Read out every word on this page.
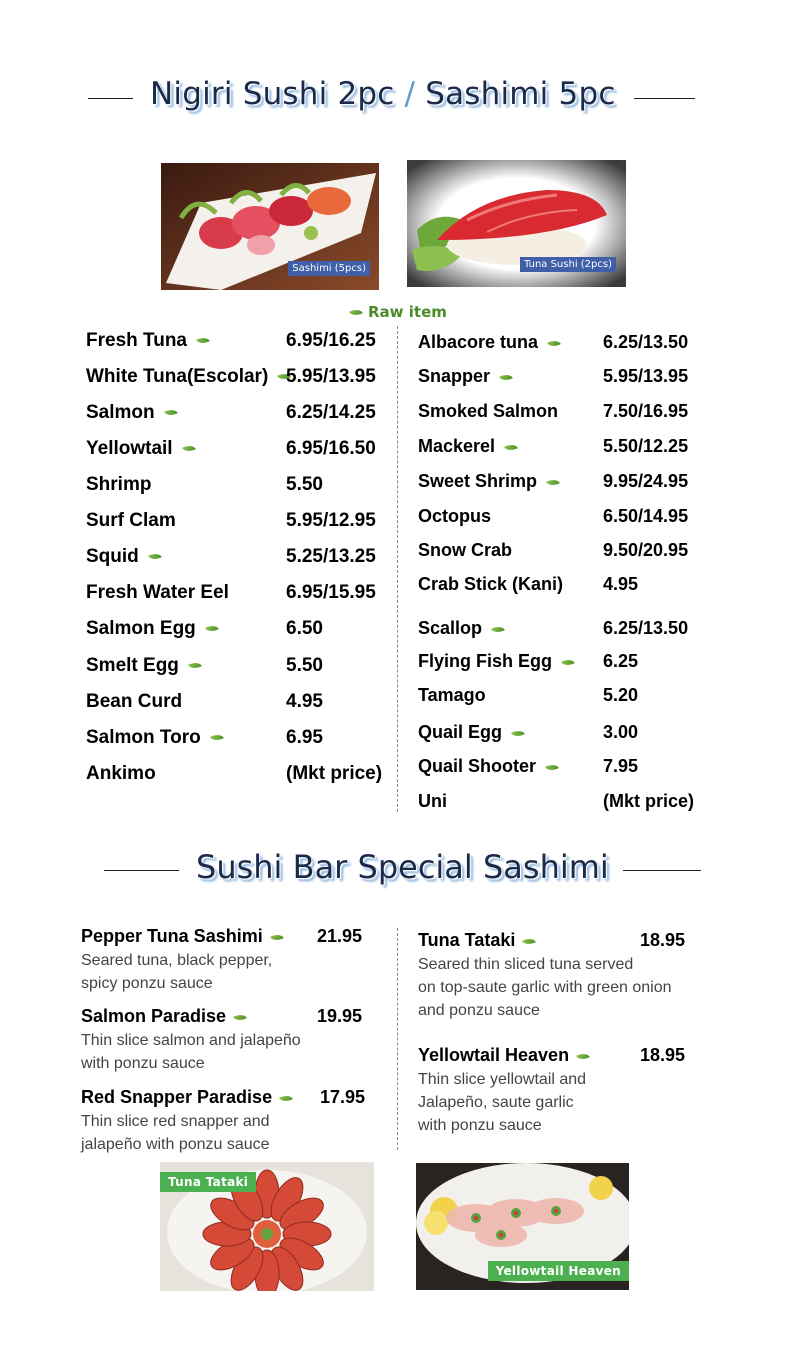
Nigiri Sushi 2pc / Sashimi 5pc
Sashimi (5pcs)	Tuna Sushi (2pcs)
Raw item
Fresh Tuna	6.95/16.25
White Tuna(Escolar) 5.95/13.95
Salmon	6.25/14.25
Yellowtail	6.95/16.50
Shrimp	5.50
Surf Clam	5.95/12.95
Squid	5.25/13.25
Fresh Water Eel	6.95/15.95
Salmon Egg	6.50
Smelt Egg	5.50
Bean Curd	4.95
Salmon Toro	6.95
Ankimo	(Mkt price)
Albacore tuna	6.25/13.50
Snapper	5.95/13.95
Smoked Salmon 7.50/16.95
Mackerel	5.50/12.25
Sweet Shrimp	9.95/24.95
Octopus	6.50/14.95
Snow Crab	9.50/20.95
Crab Stick (Kani) 4.95
Scallop	6.25/13.50
Flying Fish Egg	6.25
Tamago	5.20
Quail Egg	3.00
Quail Shooter	7.95
Uni	(Mkt price)
Sushi Bar Special Sashimi
Pepper Tuna Sashimi	21.95
Seared tuna, black pepper,
spicy ponzu sauce
Salmon Paradise	19.95
Thin slice salmon and jalapeño
with ponzu sauce
Red Snapper Paradise	17.95
Thin slice red snapper and
jalapeño with ponzu sauce
Tuna Tataki	18.95
Seared thin sliced tuna served
on top-saute garlic with green onion
and ponzu sauce
Yellowtail Heaven	18.95
Thin slice yellowtail and
Jalapeño, saute garlic
with ponzu sauce
Tuna Tataki
Yellowtail Heaven
